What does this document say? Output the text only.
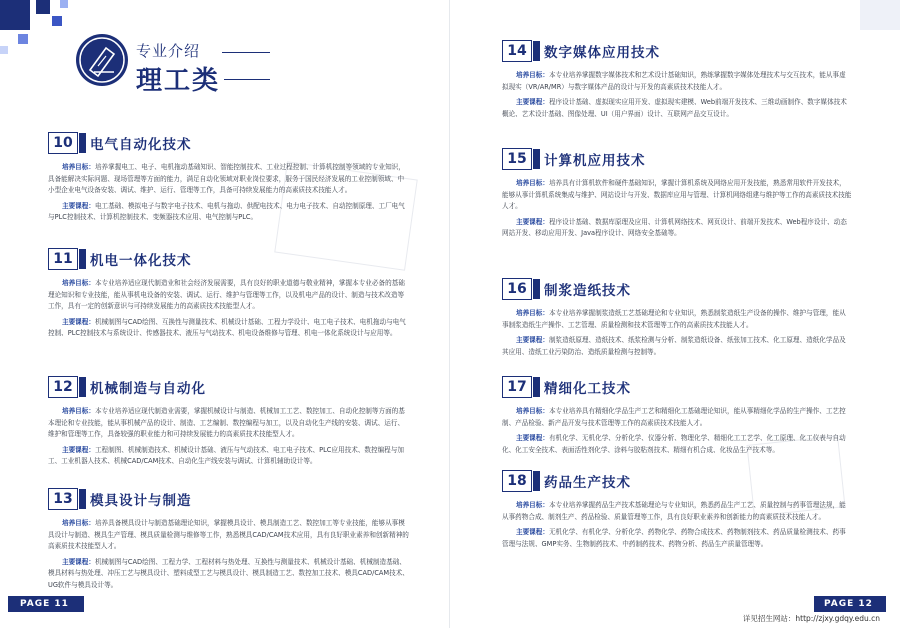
专业介绍
理工类
10	电气自动化技术

培养目标：培养掌握电工、电子、电机拖动基础知识、智能控制技术、工业过程控制、计算机控制等领域的专业知识，具备能解决实际问题、现场管理等方面的能力，满足自动化领域对职业岗位要求，服务于国民经济发展的工业控制领域、中小型企业电气设备安装、调试、维护、运行、管理等工作，具备可持续发展能力的高素质技术技能人才。

主要课程：电工基础、模拟电子与数字电子技术、电机与拖动、供配电技术、电力电子技术、自动控制原理、工厂电气与PLC控制技术、计算机控制技术、变频器技术应用、电气控制与PLC。

11	机电一体化技术

培养目标：本专业培养适应现代制造业和社会经济发展需要，具有良好的职业道德与敬业精神，掌握本专业必备的基础理论知识和专业技能，能从事机电设备的安装、调试、运行、维护与管理等工作，以及机电产品的设计、制造与技术改造等工作，具有一定的创新意识与可持续发展能力的高素质技术技能型人才。

主要课程：机械制图与CAD绘图、互换性与测量技术、机械设计基础、工程力学设计、电工电子技术、电机拖动与电气控制、PLC控制技术与系统设计、传感器技术、液压与气动技术、机电设备维修与管理、机电一体化系统设计与应用等。

12	机械制造与自动化

培养目标：本专业培养适应现代制造业需要，掌握机械设计与制造、机械加工工艺、数控加工、自动化控制等方面的基本理论和专业技能，能从事机械产品的设计、制造、工艺编制、数控编程与加工，以及自动化生产线的安装、调试、运行、维护和管理等工作，具备较强的职业能力和可持续发展能力的高素质技术技能型人才。

主要课程：工程制图、机械制造技术、机械设计基础、液压与气动技术、电工电子技术、PLC应用技术、数控编程与加工、工业机器人技术、机械CAD/CAM技术、自动化生产线安装与调试、计算机辅助设计等。

13	模具设计与制造

培养目标：培养具备模具设计与制造基础理论知识，掌握模具设计、模具制造工艺、数控加工等专业技能，能够从事模具设计与制造、模具生产管理、模具质量检测与维修等工作，熟悉模具CAD/CAM技术应用，具有良好职业素养和创新精神的高素质技术技能型人才。

主要课程：机械制图与CAD绘图、工程力学、工程材料与热处理、互换性与测量技术、机械设计基础、机械制造基础、模具材料与热处理、冲压工艺与模具设计、塑料成型工艺与模具设计、模具制造工艺、数控加工技术、模具CAD/CAM技术、UG软件与模具设计等。

PAGE 11
14	数字媒体应用技术

培养目标：本专业培养掌握数字媒体技术和艺术设计基础知识，熟练掌握数字媒体处理技术与交互技术，能从事虚拟现实（VR/AR/MR）与数字媒体产品的设计与开发的高素质技术技能人才。

主要课程：程序设计基础、虚拟现实应用开发、虚拟现实建模、Web前端开发技术、三维动画制作、数字媒体技术概论、艺术设计基础、图像处理、UI（用户界面）设计、互联网产品交互设计。

15	计算机应用技术

培养目标：培养具有计算机软件和硬件基础知识，掌握计算机系统及网络应用开发技能，熟悉常用软件开发技术，能够从事计算机系统集成与维护、网站设计与开发、数据库应用与管理、计算机网络组建与维护等工作的高素质技术技能人才。

主要课程：程序设计基础、数据库原理及应用、计算机网络技术、网页设计、前端开发技术、Web程序设计、动态网站开发、移动应用开发、Java程序设计、网络安全基础等。

16	制浆造纸技术

培养目标：本专业培养掌握制浆造纸工艺基础理论和专业知识，熟悉制浆造纸生产设备的操作、维护与管理，能从事制浆造纸生产操作、工艺管理、质量检测和技术管理等工作的高素质技术技能人才。

主要课程：制浆造纸原理、造纸技术、纸浆检测与分析、制浆造纸设备、纸张加工技术、化工原理、造纸化学品及其应用、造纸工业污染防治、造纸质量检测与控制等。

17	精细化工技术

培养目标：本专业培养具有精细化学品生产工艺和精细化工基础理论知识，能从事精细化学品的生产操作、工艺控制、产品检验、新产品开发与技术管理等工作的高素质技术技能人才。

主要课程：有机化学、无机化学、分析化学、仪器分析、物理化学、精细化工工艺学、化工原理、化工仪表与自动化、化工安全技术、表面活性剂化学、涂料与胶粘剂技术、精细有机合成、化妆品生产技术等。

18	药品生产技术

培养目标：本专业培养掌握药品生产技术基础理论与专业知识，熟悉药品生产工艺、质量控制与药事管理法规，能从事药物合成、制剂生产、药品检验、质量管理等工作，具有良好职业素养和创新能力的高素质技术技能人才。

主要课程：无机化学、有机化学、分析化学、药物化学、药物合成技术、药物制剂技术、药品质量检测技术、药事管理与法规、GMP实务、生物制药技术、中药制药技术、药物分析、药品生产质量管理等。

PAGE 12
详见招生网站：http://zjxy.gdqy.edu.cn
